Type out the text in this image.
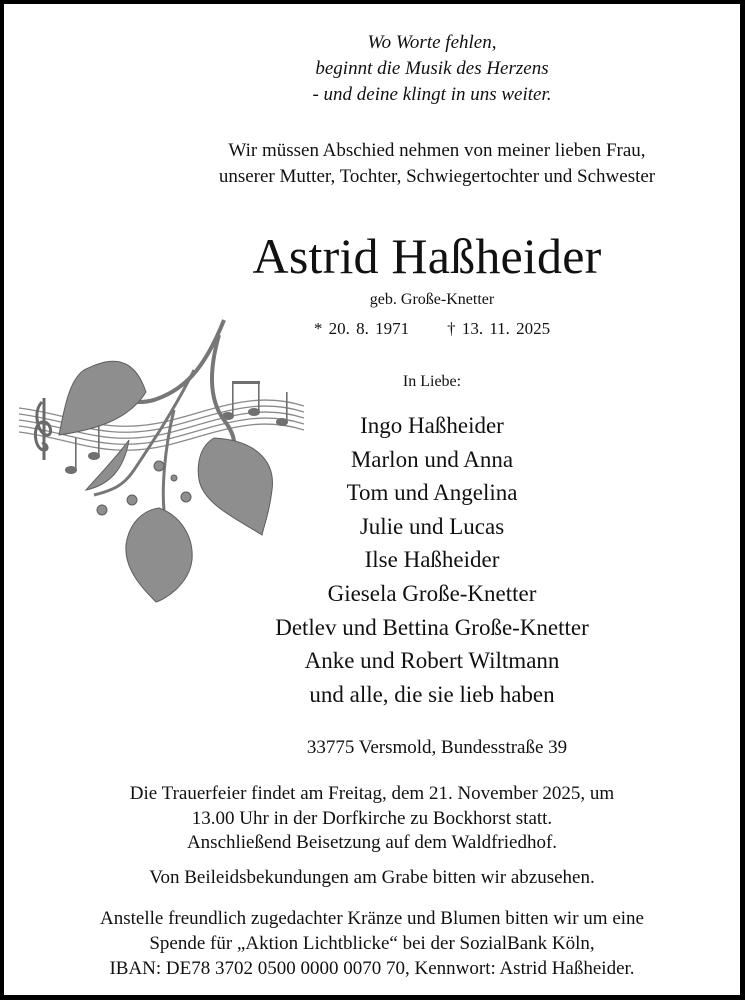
Wo Worte fehlen,
beginnt die Musik des Herzens
- und deine klingt in uns weiter.
Wir müssen Abschied nehmen von meiner lieben Frau,
unserer Mutter, Tochter, Schwiegertochter und Schwester
Astrid Haßheider
geb. Große-Knetter
* 20. 8. 1971 † 13. 11. 2025
In Liebe:
Ingo Haßheider
Marlon und Anna
Tom und Angelina
Julie und Lucas
Ilse Haßheider
Giesela Große-Knetter
Detlev und Bettina Große-Knetter
Anke und Robert Wiltmann
und alle, die sie lieb haben
33775 Versmold, Bundesstraße 39
Die Trauerfeier findet am Freitag, dem 21. November 2025, um
13.00 Uhr in der Dorfkirche zu Bockhorst statt.
Anschließend Beisetzung auf dem Waldfriedhof.
Von Beileidsbekundungen am Grabe bitten wir abzusehen.
Anstelle freundlich zugedachter Kränze und Blumen bitten wir um eine
Spende für „Aktion Lichtblicke“ bei der SozialBank Köln,
IBAN: DE78 3702 0500 0000 0070 70, Kennwort: Astrid Haßheider.
